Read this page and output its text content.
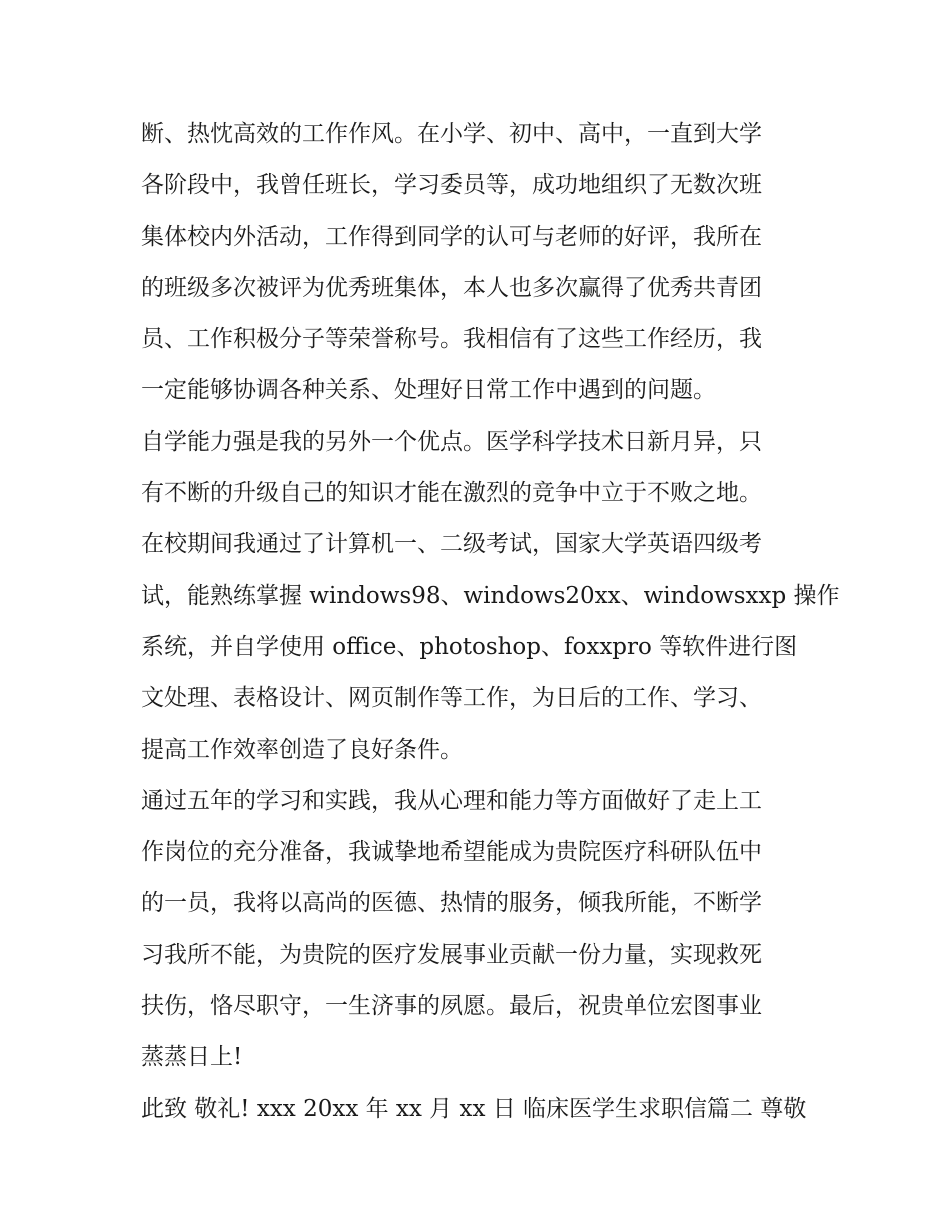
断、热忱高效的工作作风。在小学、初中、高中，一直到大学

各阶段中，我曾任班长，学习委员等，成功地组织了无数次班

集体校内外活动，工作得到同学的认可与老师的好评，我所在

的班级多次被评为优秀班集体，本人也多次赢得了优秀共青团

员、工作积极分子等荣誉称号。我相信有了这些工作经历，我

一定能够协调各种关系、处理好日常工作中遇到的问题。

自学能力强是我的另外一个优点。医学科学技术日新月异，只

有不断的升级自己的知识才能在激烈的竞争中立于不败之地。

在校期间我通过了计算机一、二级考试，国家大学英语四级考

试，能熟练掌握 windows98、windows20xx、windowsxxp 操作

系统，并自学使用 office、photoshop、foxxpro 等软件进行图

文处理、表格设计、网页制作等工作，为日后的工作、学习、

提高工作效率创造了良好条件。

通过五年的学习和实践，我从心理和能力等方面做好了走上工

作岗位的充分准备，我诚挚地希望能成为贵院医疗科研队伍中

的一员，我将以高尚的医德、热情的服务，倾我所能，不断学

习我所不能，为贵院的医疗发展事业贡献一份力量，实现救死

扶伤，恪尽职守，一生济事的夙愿。最后，祝贵单位宏图事业

蒸蒸日上!

此致 敬礼! xxx 20xx 年 xx 月 xx 日 临床医学生求职信篇二 尊敬
